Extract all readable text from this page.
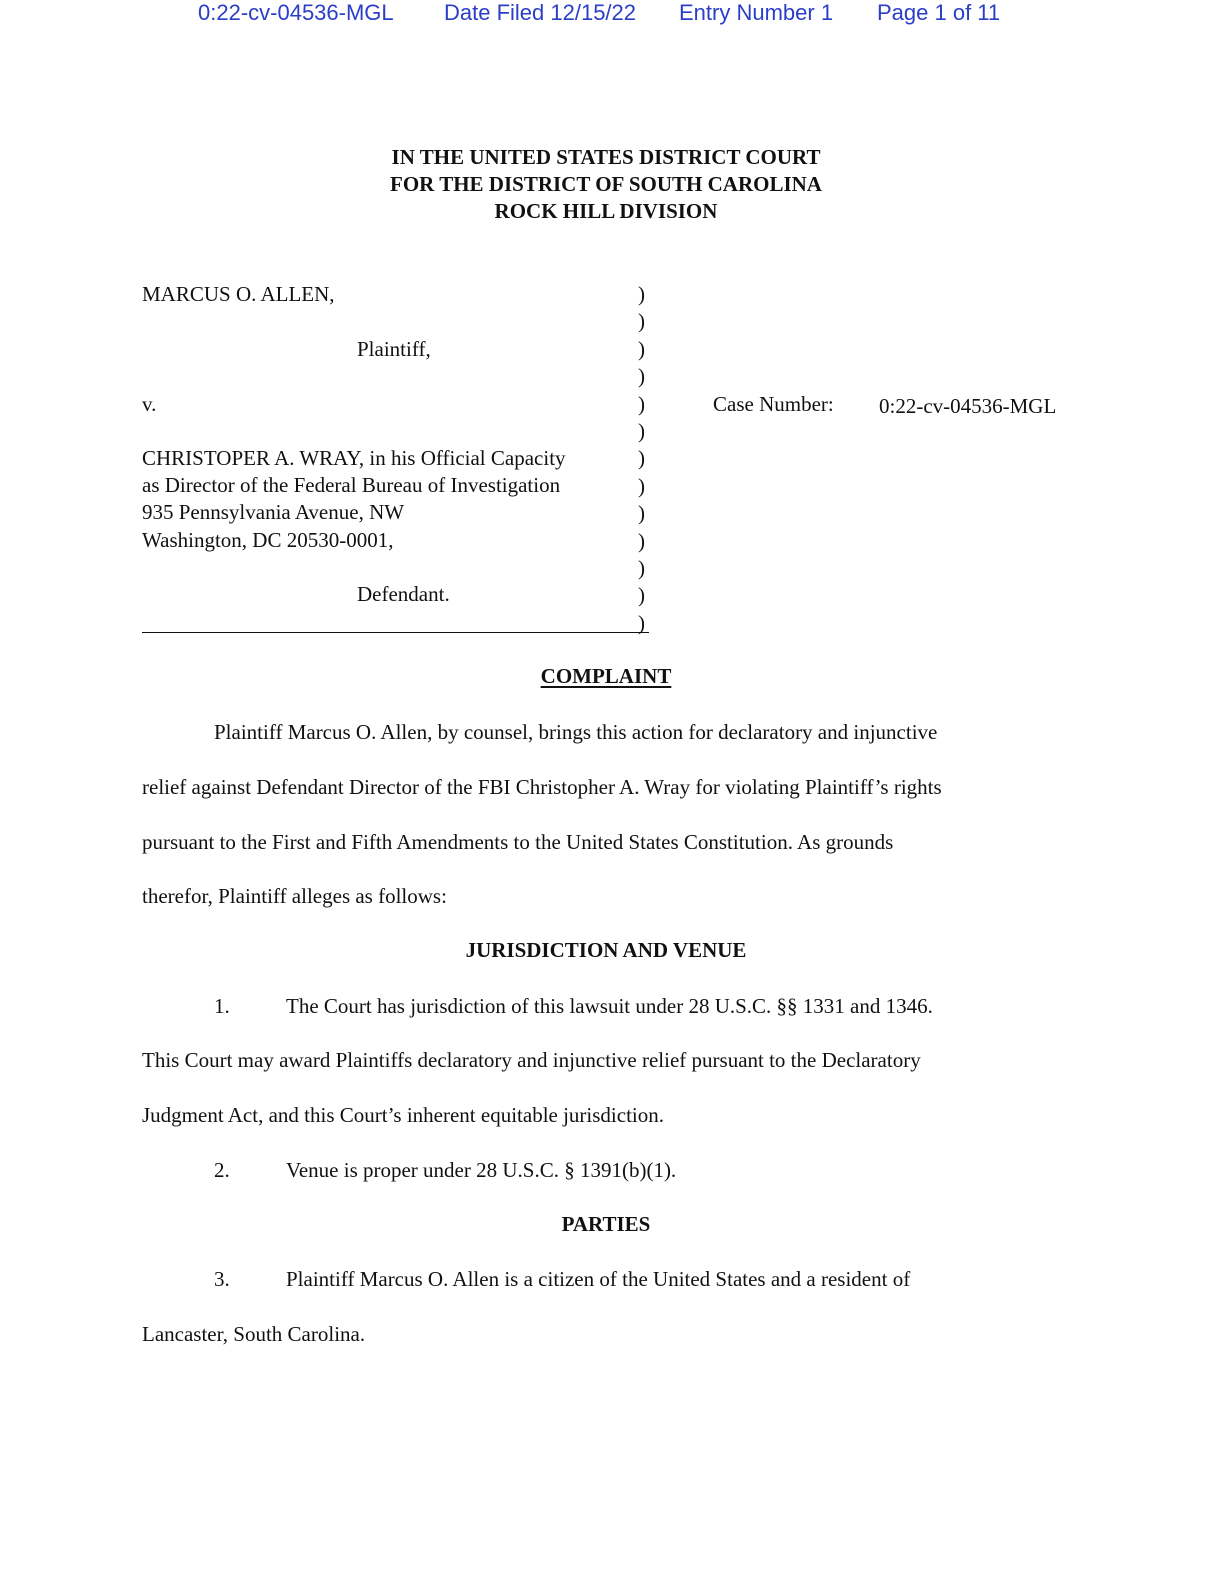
0:22-cv-04536-MGL Date Filed 12/15/22 Entry Number 1 Page 1 of 11
IN THE UNITED STATES DISTRICT COURT
FOR THE DISTRICT OF SOUTH CAROLINA
ROCK HILL DIVISION
MARCUS O. ALLEN,
Plaintiff,
v.
CHRISTOPER A. WRAY, in his Official Capacity
as Director of the Federal Bureau of Investigation
935 Pennsylvania Avenue, NW
Washington, DC 20530-0001,
Defendant.
)
)
)
)
)
)
)
)
)
)
)
)
)
Case Number: 0:22-cv-04536-MGL
COMPLAINT
Plaintiff Marcus O. Allen, by counsel, brings this action for declaratory and injunctive
relief against Defendant Director of the FBI Christopher A. Wray for violating Plaintiff’s rights
pursuant to the First and Fifth Amendments to the United States Constitution. As grounds
therefor, Plaintiff alleges as follows:
JURISDICTION AND VENUE
1.	The Court has jurisdiction of this lawsuit under 28 U.S.C. §§ 1331 and 1346.
This Court may award Plaintiffs declaratory and injunctive relief pursuant to the Declaratory
Judgment Act, and this Court’s inherent equitable jurisdiction.
2.	Venue is proper under 28 U.S.C. § 1391(b)(1).
PARTIES
3.	Plaintiff Marcus O. Allen is a citizen of the United States and a resident of
Lancaster, South Carolina.
